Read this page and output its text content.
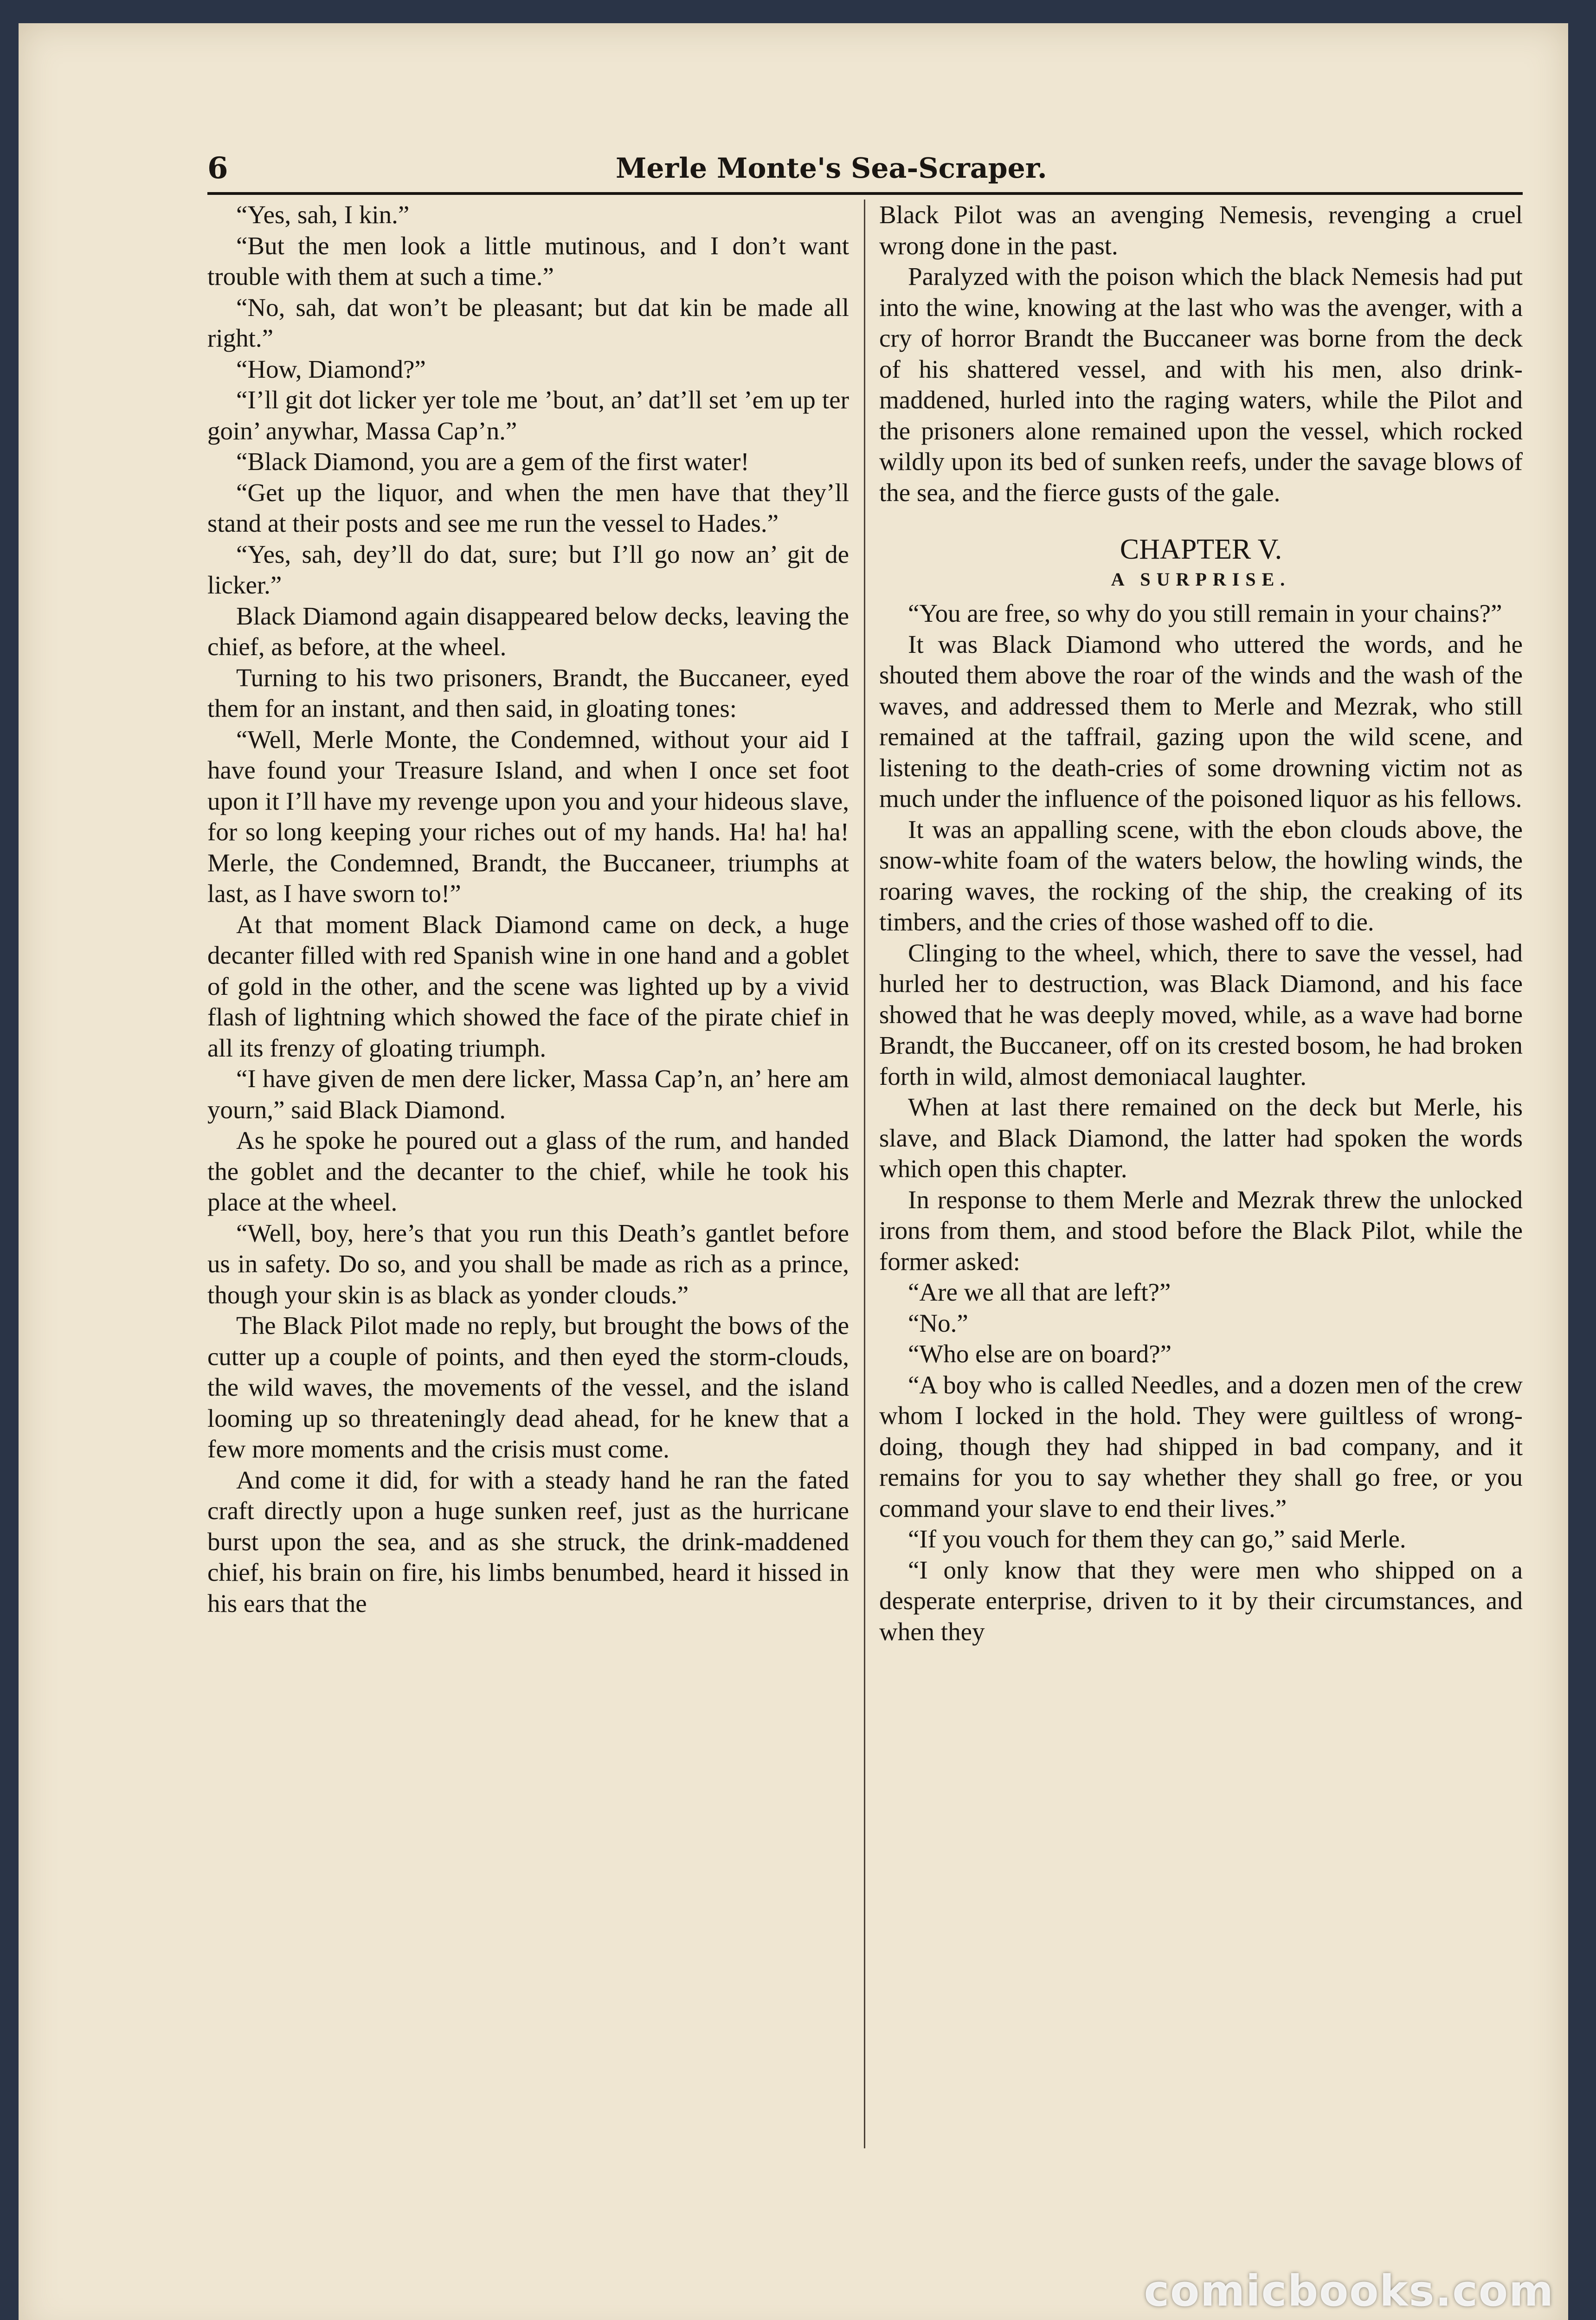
6	Merle Monte's Sea-Scraper.

“Yes, sah, I kin.”

“But the men look a little mutinous, and I don’t want trouble with them at such a time.”

“No, sah, dat won’t be pleasant; but dat kin be made all right.”

“How, Diamond?”

“I’ll git dot licker yer tole me ’bout, an’ dat’ll set ’em up ter goin’ anywhar, Massa Cap’n.”

“Black Diamond, you are a gem of the first water!

“Get up the liquor, and when the men have that they’ll stand at their posts and see me run the vessel to Hades.”

“Yes, sah, dey’ll do dat, sure; but I’ll go now an’ git de licker.”

Black Diamond again disappeared below decks, leaving the chief, as before, at the wheel.

Turning to his two prisoners, Brandt, the Buccaneer, eyed them for an instant, and then said, in gloating tones:

“Well, Merle Monte, the Condemned, without your aid I have found your Treasure Island, and when I once set foot upon it I’ll have my revenge upon you and your hideous slave, for so long keeping your riches out of my hands. Ha! ha! ha! Merle, the Condemned, Brandt, the Buccaneer, triumphs at last, as I have sworn to!”

At that moment Black Diamond came on deck, a huge decanter filled with red Spanish wine in one hand and a goblet of gold in the other, and the scene was lighted up by a vivid flash of lightning which showed the face of the pirate chief in all its frenzy of gloating triumph.

“I have given de men dere licker, Massa Cap’n, an’ here am yourn,” said Black Diamond.

As he spoke he poured out a glass of the rum, and handed the goblet and the decanter to the chief, while he took his place at the wheel.

“Well, boy, here’s that you run this Death’s gantlet before us in safety. Do so, and you shall be made as rich as a prince, though your skin is as black as yonder clouds.”

The Black Pilot made no reply, but brought the bows of the cutter up a couple of points, and then eyed the storm-clouds, the wild waves, the movements of the vessel, and the island looming up so threateningly dead ahead, for he knew that a few more moments and the crisis must come.

And come it did, for with a steady hand he ran the fated craft directly upon a huge sunken reef, just as the hurricane burst upon the sea, and as she struck, the drink-maddened chief, his brain on fire, his limbs benumbed, heard it hissed in his ears that the

Black Pilot was an avenging Nemesis, revenging a cruel wrong done in the past.

Paralyzed with the poison which the black Nemesis had put into the wine, knowing at the last who was the avenger, with a cry of horror Brandt the Buccaneer was borne from the deck of his shattered vessel, and with his men, also drink-maddened, hurled into the raging waters, while the Pilot and the prisoners alone remained upon the vessel, which rocked wildly upon its bed of sunken reefs, under the savage blows of the sea, and the fierce gusts of the gale.

CHAPTER V.
A SURPRISE.

“You are free, so why do you still remain in your chains?”

It was Black Diamond who uttered the words, and he shouted them above the roar of the winds and the wash of the waves, and addressed them to Merle and Mezrak, who still remained at the taffrail, gazing upon the wild scene, and listening to the death-cries of some drowning victim not as much under the influence of the poisoned liquor as his fellows.

It was an appalling scene, with the ebon clouds above, the snow-white foam of the waters below, the howling winds, the roaring waves, the rocking of the ship, the creaking of its timbers, and the cries of those washed off to die.

Clinging to the wheel, which, there to save the vessel, had hurled her to destruction, was Black Diamond, and his face showed that he was deeply moved, while, as a wave had borne Brandt, the Buccaneer, off on its crested bosom, he had broken forth in wild, almost demoniacal laughter.

When at last there remained on the deck but Merle, his slave, and Black Diamond, the latter had spoken the words which open this chapter.

In response to them Merle and Mezrak threw the unlocked irons from them, and stood before the Black Pilot, while the former asked:

“Are we all that are left?”

“No.”

“Who else are on board?”

“A boy who is called Needles, and a dozen men of the crew whom I locked in the hold. They were guiltless of wrong-doing, though they had shipped in bad company, and it remains for you to say whether they shall go free, or you command your slave to end their lives.”

“If you vouch for them they can go,” said Merle.

“I only know that they were men who shipped on a desperate enterprise, driven to it by their circumstances, and when they

comicbooks.com
